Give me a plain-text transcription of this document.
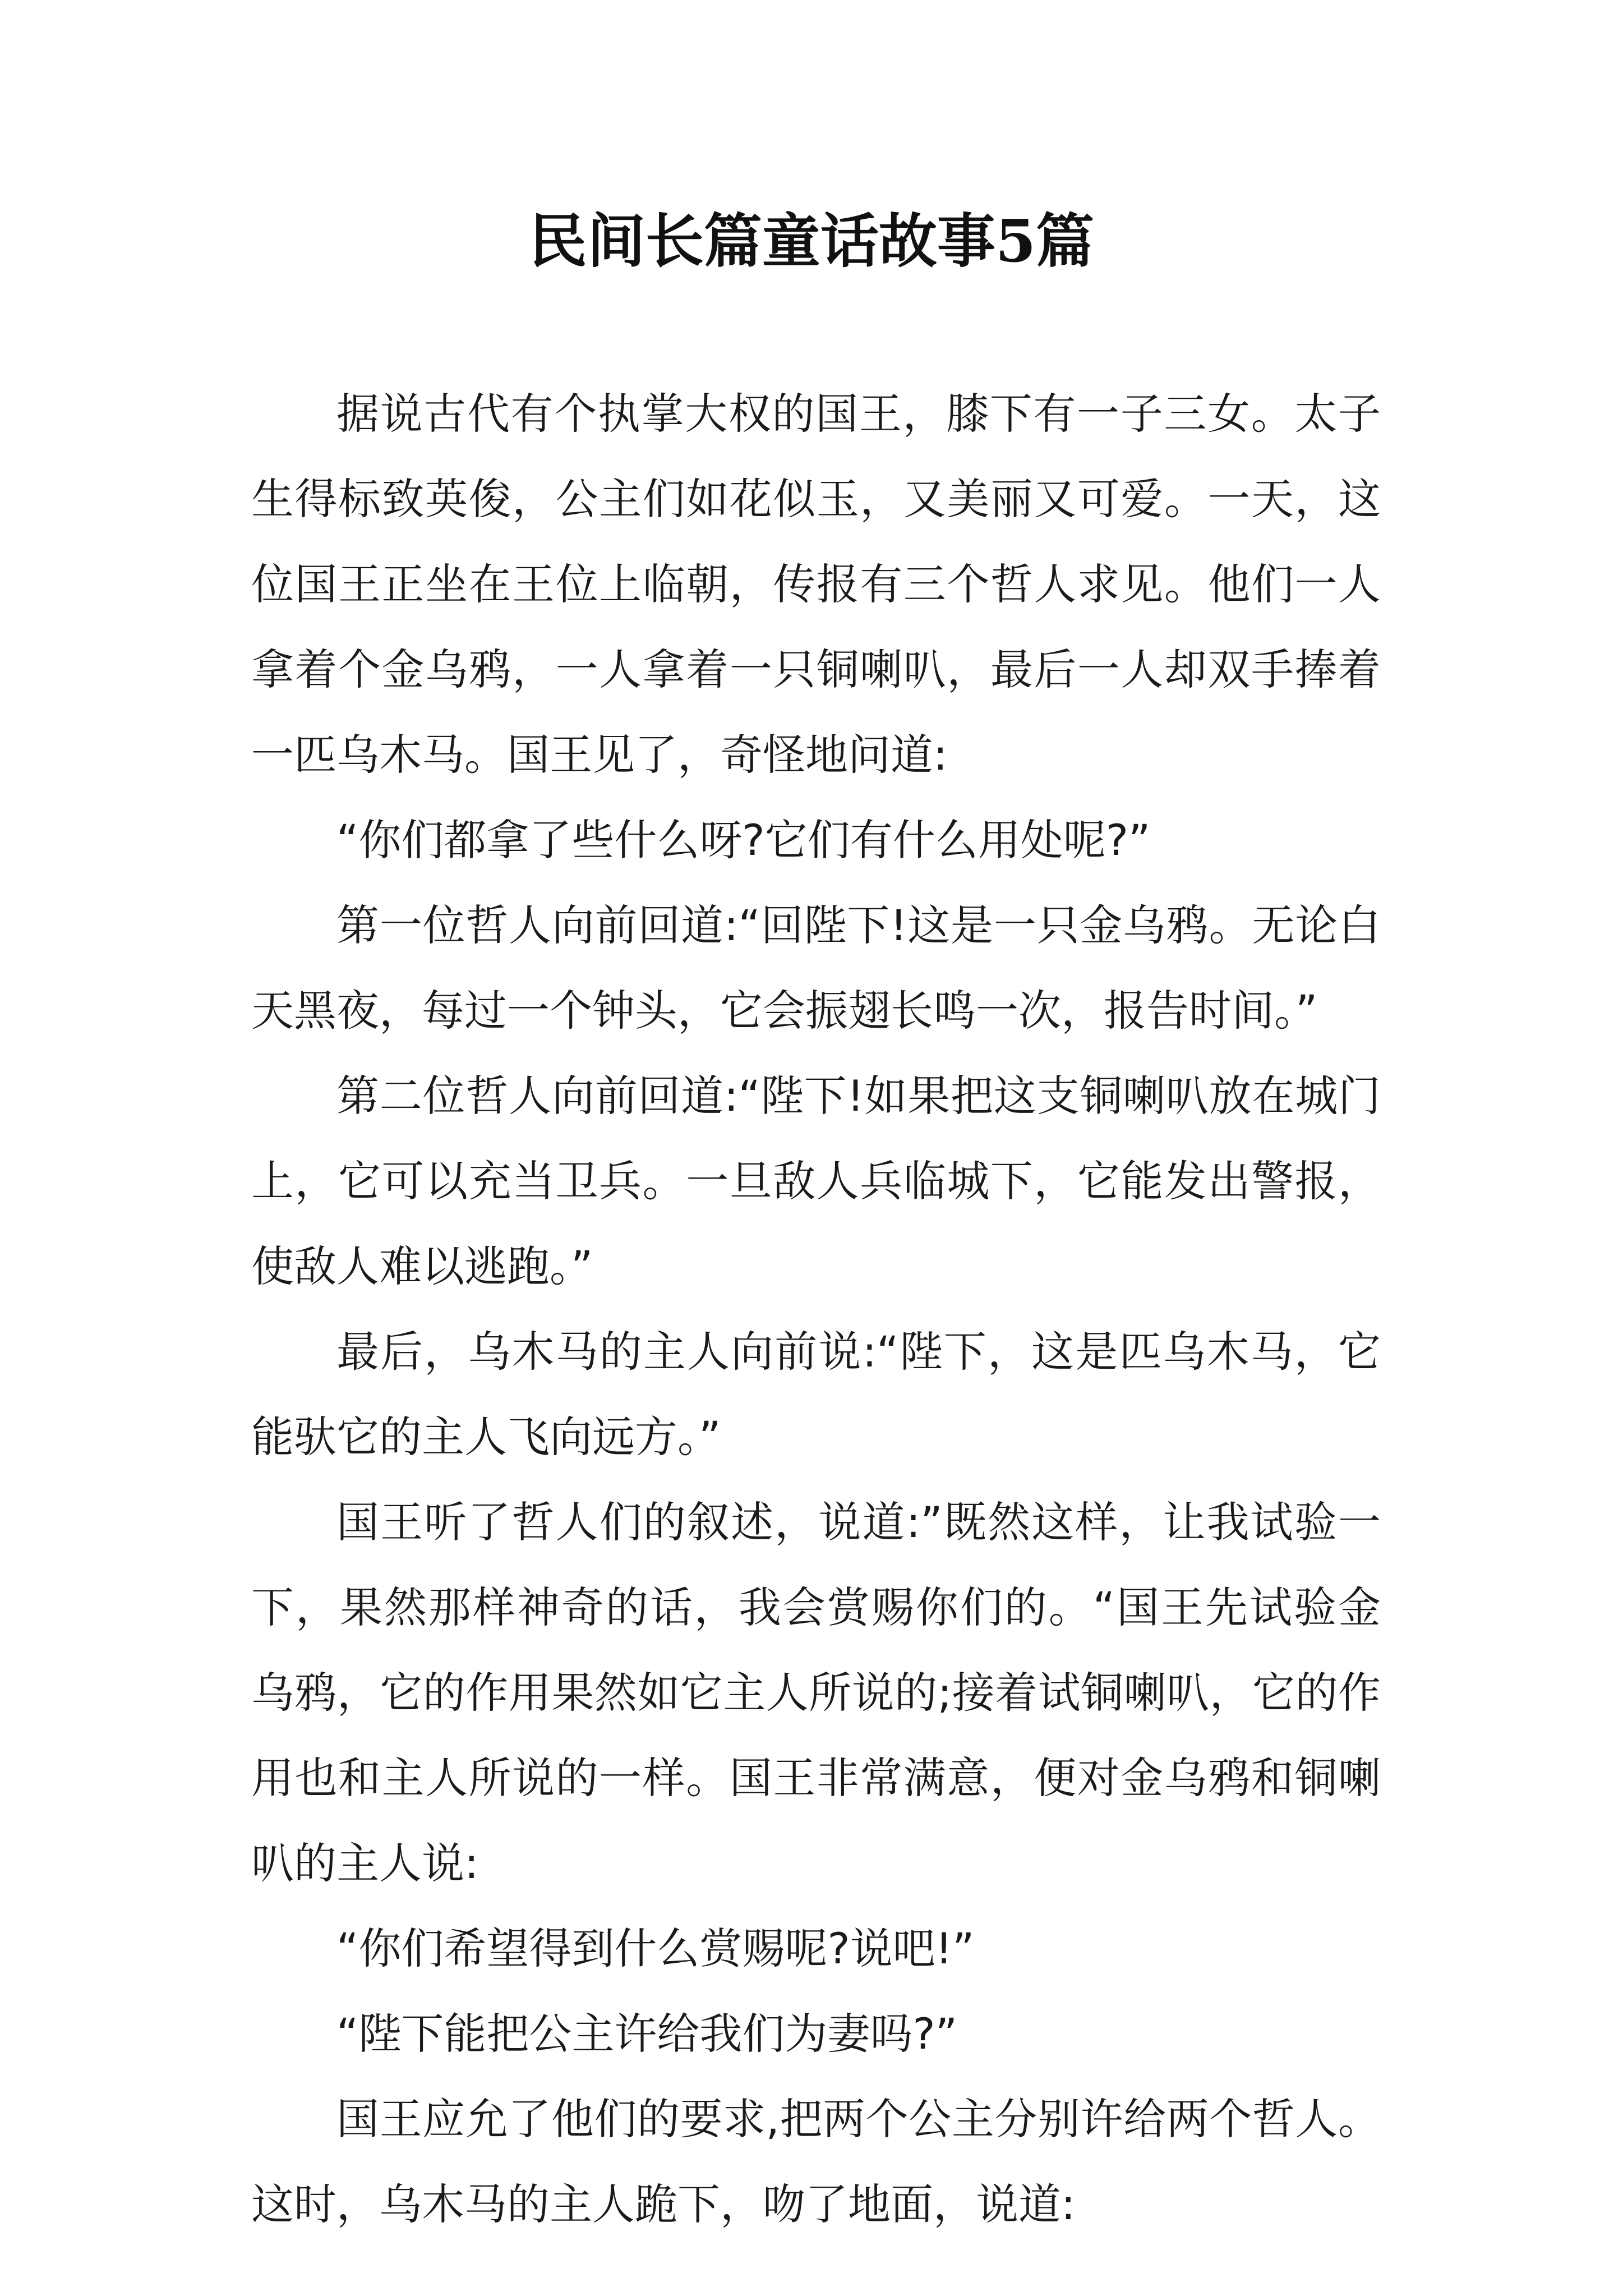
民间长篇童话故事5篇

据说古代有个执掌大权的国王，膝下有一子三女。太子生得标致英俊，公主们如花似玉，又美丽又可爱。一天，这位国王正坐在王位上临朝，传报有三个哲人求见。他们一人拿着个金乌鸦，一人拿着一只铜喇叭，最后一人却双手捧着一匹乌木马。国王见了，奇怪地问道:

“你们都拿了些什么呀?它们有什么用处呢?”

第一位哲人向前回道:“回陛下!这是一只金乌鸦。无论白天黑夜，每过一个钟头，它会振翅长鸣一次，报告时间。”

第二位哲人向前回道:“陛下!如果把这支铜喇叭放在城门上，它可以充当卫兵。一旦敌人兵临城下，它能发出警报，使敌人难以逃跑。”

最后，乌木马的主人向前说:“陛下，这是匹乌木马，它能驮它的主人飞向远方。”

国王听了哲人们的叙述，说道:”既然这样，让我试验一下，果然那样神奇的话，我会赏赐你们的。“国王先试验金乌鸦，它的作用果然如它主人所说的;接着试铜喇叭，它的作用也和主人所说的一样。国王非常满意，便对金乌鸦和铜喇叭的主人说:

“你们希望得到什么赏赐呢?说吧!”

“陛下能把公主许给我们为妻吗?”

国王应允了他们的要求,把两个公主分别许给两个哲人。这时，乌木马的主人跪下，吻了地面，说道:
